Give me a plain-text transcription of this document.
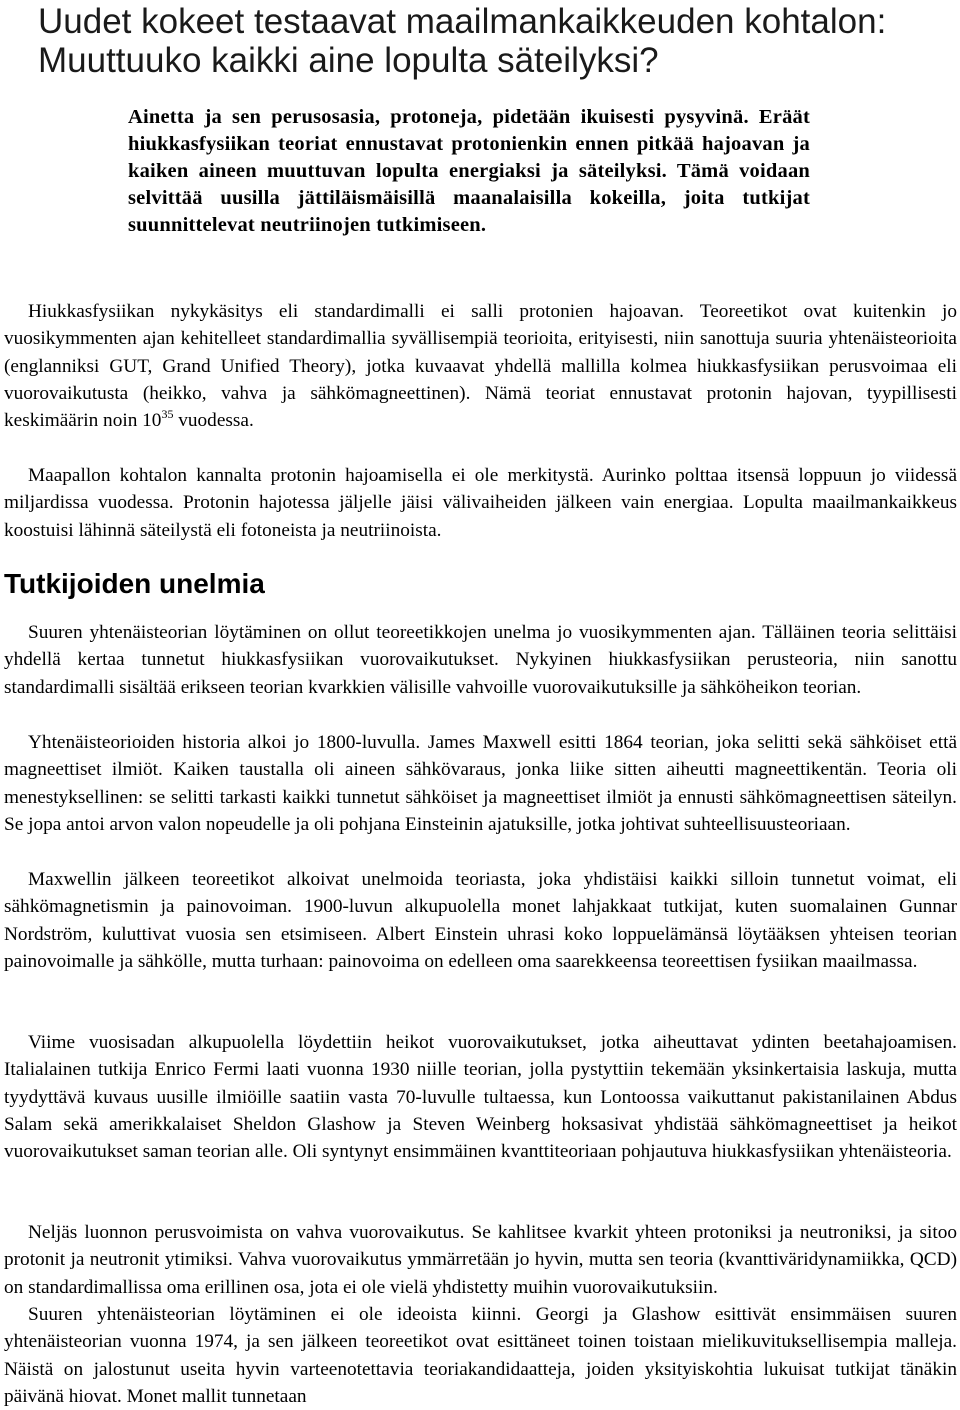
Uudet kokeet testaavat maailmankaikkeuden kohtalon: Muuttuuko kaikki aine lopulta säteilyksi?
Ainetta ja sen perusosasia, protoneja, pidetään ikuisesti pysyvinä. Eräät hiukkasfysiikan teoriat ennustavat protonienkin ennen pitkää hajoavan ja kaiken aineen muuttuvan lopulta energiaksi ja säteilyksi. Tämä voidaan selvittää uusilla jättiläismäisillä maanalaisilla kokeilla, joita tutkijat suunnittelevat neutriinojen tutkimiseen.

Hiukkasfysiikan nykykäsitys eli standardimalli ei salli protonien hajoavan. Teoreetikot ovat kuitenkin jo vuosikymmenten ajan kehitelleet standardimallia syvällisempiä teorioita, erityisesti, niin sanottuja suuria yhtenäisteorioita (englanniksi GUT, Grand Unified Theory), jotka kuvaavat yhdellä mallilla kolmea hiukkasfysiikan perusvoimaa eli vuorovaikutusta (heikko, vahva ja sähkömagneettinen). Nämä teoriat ennustavat protonin hajovan, tyypillisesti keskimäärin noin $10^{35}$ vuodessa.

Maapallon kohtalon kannalta protonin hajoamisella ei ole merkitystä. Aurinko polttaa itsensä loppuun jo viidessä miljardissa vuodessa. Protonin hajotessa jäljelle jäisi välivaiheiden jälkeen vain energiaa. Lopulta maailmankaikkeus koostuisi lähinnä säteilystä eli fotoneista ja neutriinoista.

Tutkijoiden unelmia

Suuren yhtenäisteorian löytäminen on ollut teoreetikkojen unelma jo vuosikymmenten ajan. Tälläinen teoria selittäisi yhdellä kertaa tunnetut hiukkasfysiikan vuorovaikutukset. Nykyinen hiukkasfysiikan perusteoria, niin sanottu standardimalli sisältää erikseen teorian kvarkkien välisille vahvoille vuorovaikutuksille ja sähköheikon teorian.

Yhtenäisteorioiden historia alkoi jo 1800-luvulla. James Maxwell esitti 1864 teorian, joka selitti sekä sähköiset että magneettiset ilmiöt. Kaiken taustalla oli aineen sähkövaraus, jonka liike sitten aiheutti magneettikentän. Teoria oli menestyksellinen: se selitti tarkasti kaikki tunnetut sähköiset ja magneettiset ilmiöt ja ennusti sähkömagneettisen säteilyn. Se jopa antoi arvon valon nopeudelle ja oli pohjana Einsteinin ajatuksille, jotka johtivat suhteellisuusteoriaan.

Maxwellin jälkeen teoreetikot alkoivat unelmoida teoriasta, joka yhdistäisi kaikki silloin tunnetut voimat, eli sähkömagnetismin ja painovoiman. 1900-luvun alkupuolella monet lahjakkaat tutkijat, kuten suomalainen Gunnar Nordström, kuluttivat vuosia sen etsimiseen. Albert Einstein uhrasi koko loppuelämänsä löytääksen yhteisen teorian painovoimalle ja sähkölle, mutta turhaan: painovoima on edelleen oma saarekkeensa teoreettisen fysiikan maailmassa.

Viime vuosisadan alkupuolella löydettiin heikot vuorovaikutukset, jotka aiheuttavat ydinten beetahajoamisen. Italialainen tutkija Enrico Fermi laati vuonna 1930 niille teorian, jolla pystyttiin tekemään yksinkertaisia laskuja, mutta tyydyttävä kuvaus uusille ilmiöille saatiin vasta 70-luvulle tultaessa, kun Lontoossa vaikuttanut pakistanilainen Abdus Salam sekä amerikkalaiset Sheldon Glashow ja Steven Weinberg hoksasivat yhdistää sähkömagneettiset ja heikot vuorovaikutukset saman teorian alle. Oli syntynyt ensimmäinen kvanttiteoriaan pohjautuva hiukkasfysiikan yhtenäisteoria.

Neljäs luonnon perusvoimista on vahva vuorovaikutus. Se kahlitsee kvarkit yhteen protoniksi ja neutroniksi, ja sitoo protonit ja neutronit ytimiksi. Vahva vuorovaikutus ymmärretään jo hyvin, mutta sen teoria (kvanttiväridynamiikka, QCD) on standardimallissa oma erillinen osa, jota ei ole vielä yhdistetty muihin vuorovaikutuksiin.

Suuren yhtenäisteorian löytäminen ei ole ideoista kiinni. Georgi ja Glashow esittivät ensimmäisen suuren yhtenäisteorian vuonna 1974, ja sen jälkeen teoreetikot ovat esittäneet toinen toistaan mielikuvituksellisempia malleja. Näistä on jalostunut useita hyvin varteenotettavia teoriakandidaatteja, joiden yksityiskohtia lukuisat tutkijat tänäkin päivänä hiovat. Monet mallit tunnetaan
